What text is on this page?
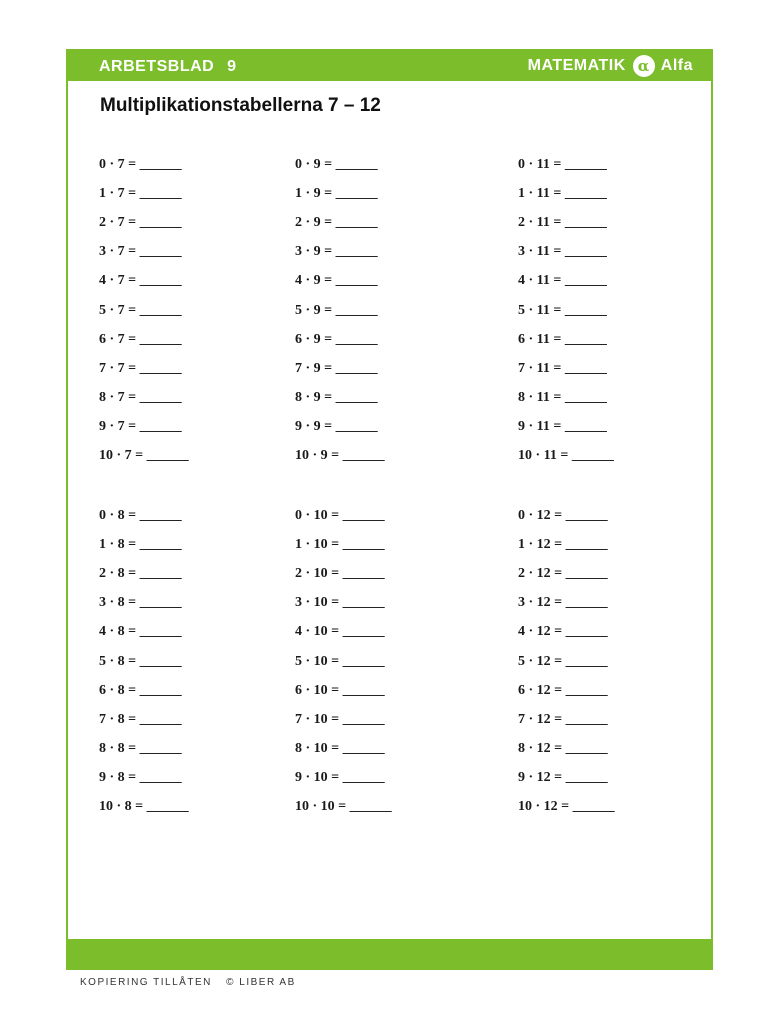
ARBETSBLAD 9	MATEMATIK α Alfa
Multiplikationstabellerna 7 – 12
0 · 7 = ______
1 · 7 = ______
2 · 7 = ______
3 · 7 = ______
4 · 7 = ______
5 · 7 = ______
6 · 7 = ______
7 · 7 = ______
8 · 7 = ______
9 · 7 = ______
10 · 7 = ______
0 · 9 = ______
1 · 9 = ______
2 · 9 = ______
3 · 9 = ______
4 · 9 = ______
5 · 9 = ______
6 · 9 = ______
7 · 9 = ______
8 · 9 = ______
9 · 9 = ______
10 · 9 = ______
0 · 11 = ______
1 · 11 = ______
2 · 11 = ______
3 · 11 = ______
4 · 11 = ______
5 · 11 = ______
6 · 11 = ______
7 · 11 = ______
8 · 11 = ______
9 · 11 = ______
10 · 11 = ______
0 · 8 = ______
1 · 8 = ______
2 · 8 = ______
3 · 8 = ______
4 · 8 = ______
5 · 8 = ______
6 · 8 = ______
7 · 8 = ______
8 · 8 = ______
9 · 8 = ______
10 · 8 = ______
0 · 10 = ______
1 · 10 = ______
2 · 10 = ______
3 · 10 = ______
4 · 10 = ______
5 · 10 = ______
6 · 10 = ______
7 · 10 = ______
8 · 10 = ______
9 · 10 = ______
10 · 10 = ______
0 · 12 = ______
1 · 12 = ______
2 · 12 = ______
3 · 12 = ______
4 · 12 = ______
5 · 12 = ______
6 · 12 = ______
7 · 12 = ______
8 · 12 = ______
9 · 12 = ______
10 · 12 = ______
KOPIERING TILLÅTEN © LIBER AB
